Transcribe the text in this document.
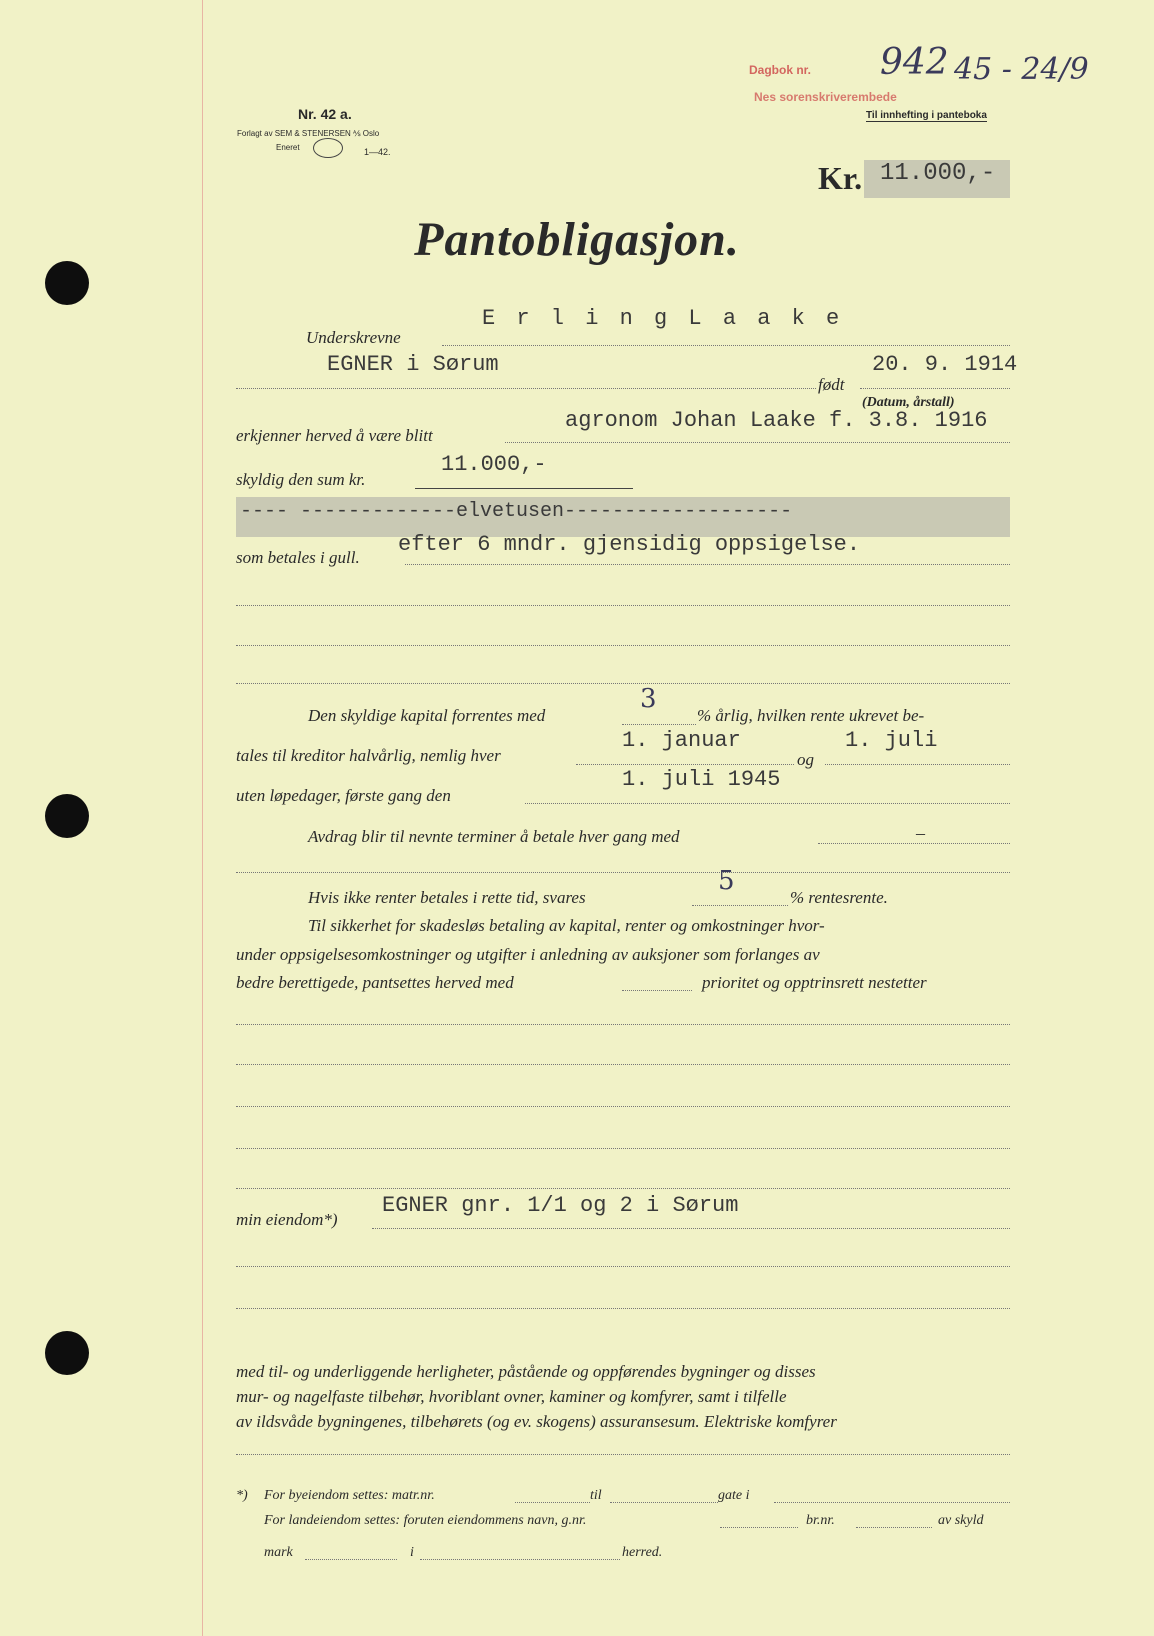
Nr. 42 a.
Forlagt av SEM & STENERSEN ⅍ Oslo
Eneret	1—42.
Dagbok nr. 942 45 - 24/9
Nes sorenskriverembede
Til innhefting i panteboka
Kr. 11.000,-
Pantobligasjon.
Underskrevne
E r l i n g L a a k e
EGNER i Sørum
født
20. 9. 1914
(Datum, årstall)
erkjenner herved å være blitt
agronom Johan Laake f. 3.8. 1916
skyldig den sum kr.
11.000,-
---- -------------elvetusen-------------------
som betales i gull.
efter 6 mndr. gjensidig oppsigelse.
Den skyldige kapital forrentes med
3
% årlig, hvilken rente ukrevet be-
tales til kreditor halvårlig, nemlig hver
1. januar
og
1. juli
uten løpedager, første gang den
1. juli 1945
Avdrag blir til nevnte terminer å betale hver gang med	–
Hvis ikke renter betales i rette tid, svares
5
% rentesrente.
Til sikkerhet for skadesløs betaling av kapital, renter og omkostninger hvor-
under oppsigelsesomkostninger og utgifter i anledning av auksjoner som forlanges av
bedre berettigede, pantsettes herved med	prioritet og opptrinsrett nestetter
min eiendom*)
EGNER gnr. 1/1 og 2 i Sørum
med til- og underliggende herligheter, påstående og oppførendes bygninger og disses
mur- og nagelfaste tilbehør, hvoriblant ovner, kaminer og komfyrer, samt i tilfelle
av ildsvåde bygningenes, tilbehørets (og ev. skogens) assuransesum. Elektriske komfyrer
*) For byeiendom settes: matr.nr.	til	gate i
For landeiendom settes: foruten eiendommens navn, g.nr.	br.nr.	av skyld
mark	i	herred.
